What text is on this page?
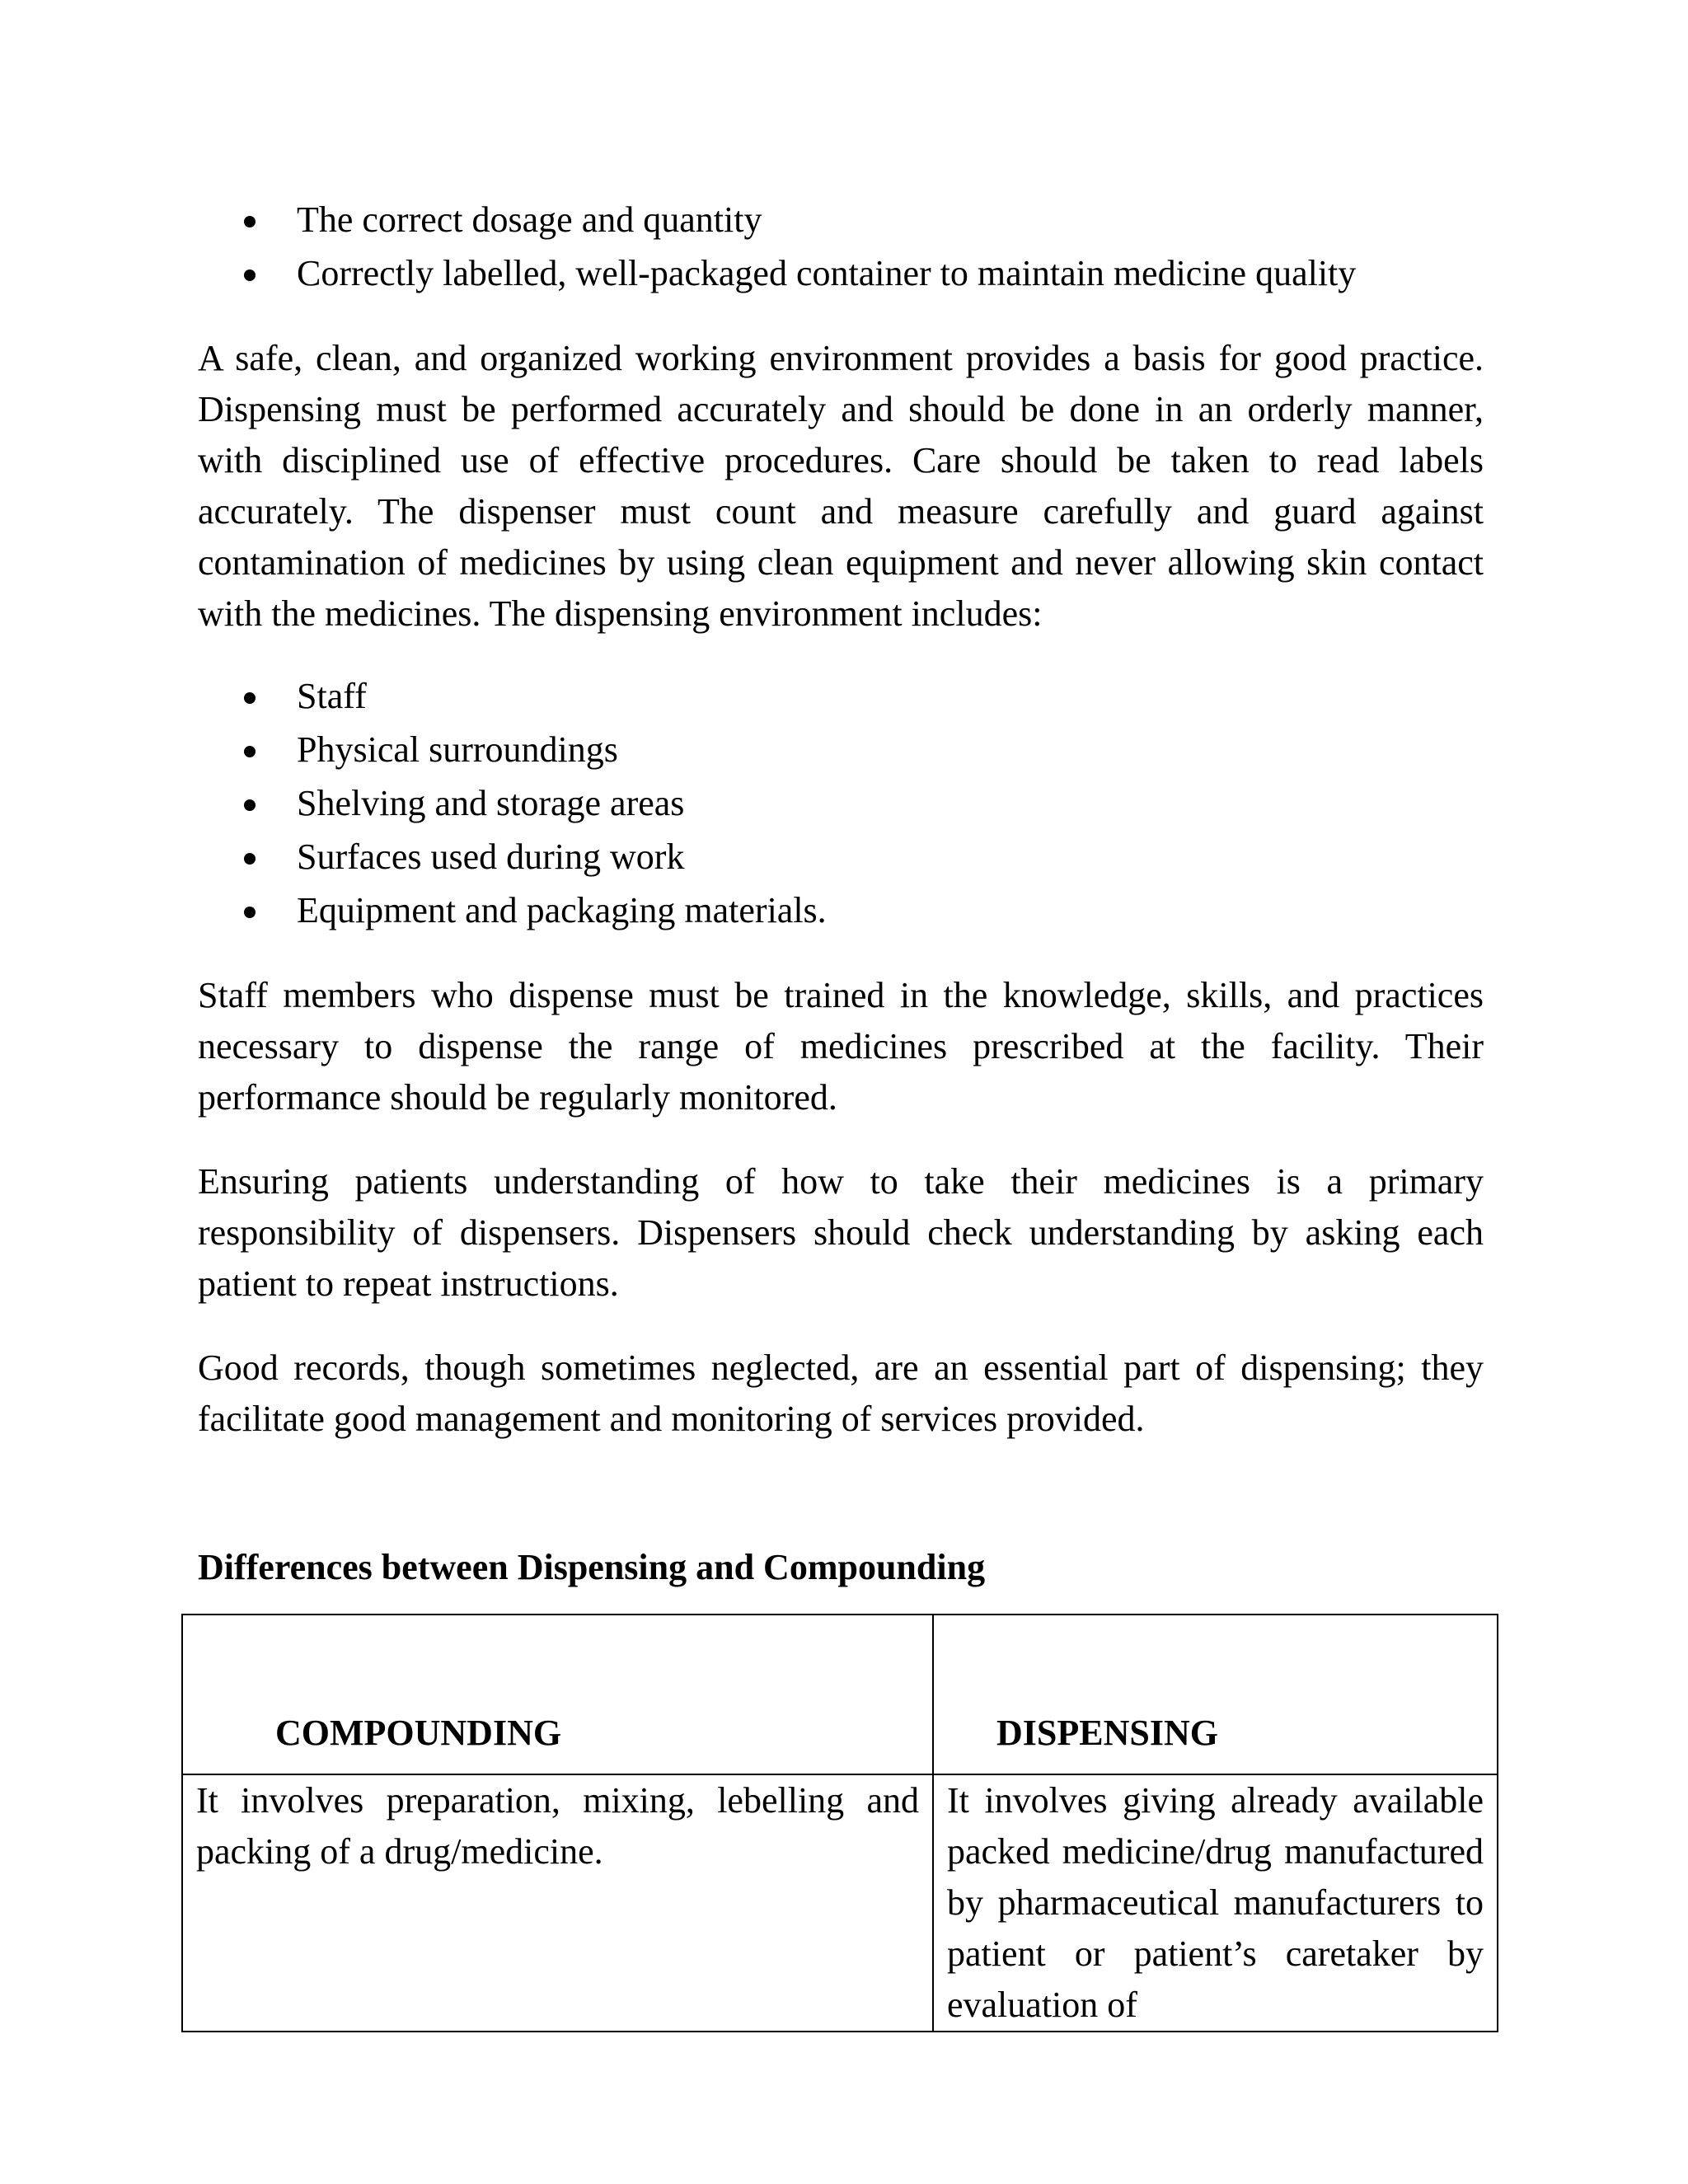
The correct dosage and quantity
Correctly labelled, well-packaged container to maintain medicine quality

A safe, clean, and organized working environment provides a basis for good practice. Dispensing must be performed accurately and should be done in an orderly manner, with disciplined use of effective procedures. Care should be taken to read labels accurately. The dispenser must count and measure carefully and guard against contamination of medicines by using clean equipment and never allowing skin contact with the medicines. The dispensing environment includes:

Staff
Physical surroundings
Shelving and storage areas
Surfaces used during work
Equipment and packaging materials.

Staff members who dispense must be trained in the knowledge, skills, and practices necessary to dispense the range of medicines prescribed at the facility. Their performance should be regularly monitored.

Ensuring patients understanding of how to take their medicines is a primary responsibility of dispensers. Dispensers should check understanding by asking each patient to repeat instructions.

Good records, though sometimes neglected, are an essential part of dispensing; they facilitate good management and monitoring of services provided.

Differences between Dispensing and Compounding
COMPOUNDING	DISPENSING
It involves preparation, mixing, lebelling and packing of a drug/medicine.	It involves giving already available packed medicine/drug manufactured by pharmaceutical manufacturers to patient or patient’s caretaker by evaluation of
